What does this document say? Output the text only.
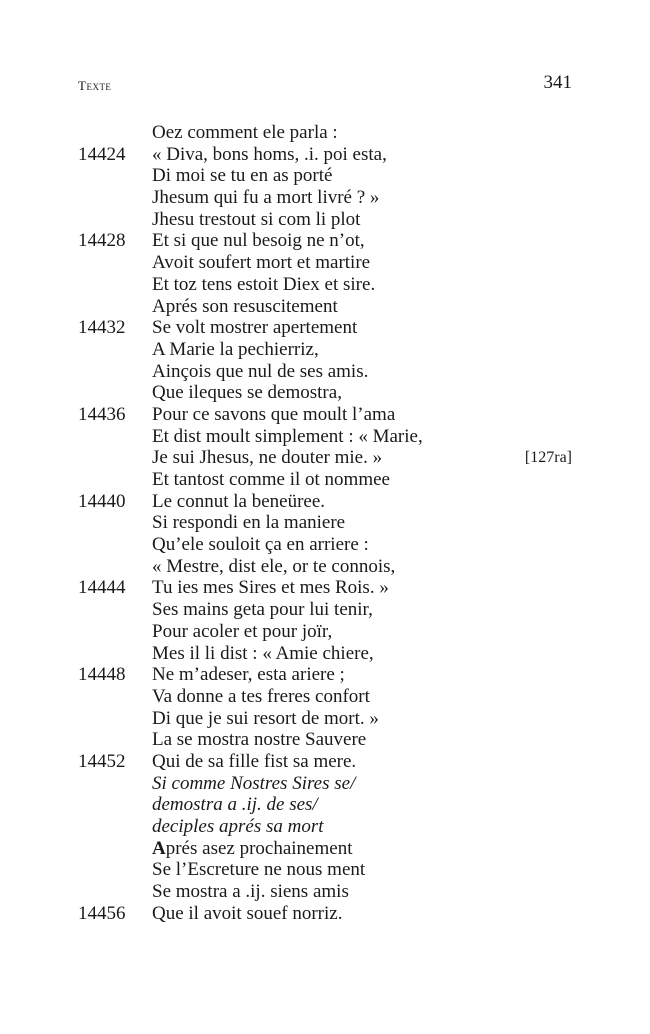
Texte	341
Oez comment ele parla :
14424 « Diva, bons homs, .i. poi esta,
Di moi se tu en as porté
Jhesum qui fu a mort livré ? »
Jhesu trestout si com li plot
14428 Et si que nul besoig ne n’ot,
Avoit soufert mort et martire
Et toz tens estoit Diex et sire.
Aprés son resuscitement
14432 Se volt mostrer apertement
A Marie la pechierriz,
Ainçois que nul de ses amis.
Que ileques se demostra,
14436 Pour ce savons que moult l’ama
Et dist moult simplement : « Marie,
Je sui Jhesus, ne douter mie. »	[127ra]
Et tantost comme il ot nommee
14440 Le connut la beneüree.
Si respondi en la maniere
Qu’ele souloit ça en arriere :
« Mestre, dist ele, or te connois,
14444 Tu ies mes Sires et mes Rois. »
Ses mains geta pour lui tenir,
Pour acoler et pour joïr,
Mes il li dist : « Amie chiere,
14448 Ne m’adeser, esta ariere ;
Va donne a tes freres confort
Di que je sui resort de mort. »
La se mostra nostre Sauvere
14452 Qui de sa fille fist sa mere.
Si comme Nostres Sires se/
demostra a .ij. de ses/
deciples aprés sa mort
Aprés asez prochainement
Se l’Escreture ne nous ment
Se mostra a .ij. siens amis
14456 Que il avoit souef norriz.
